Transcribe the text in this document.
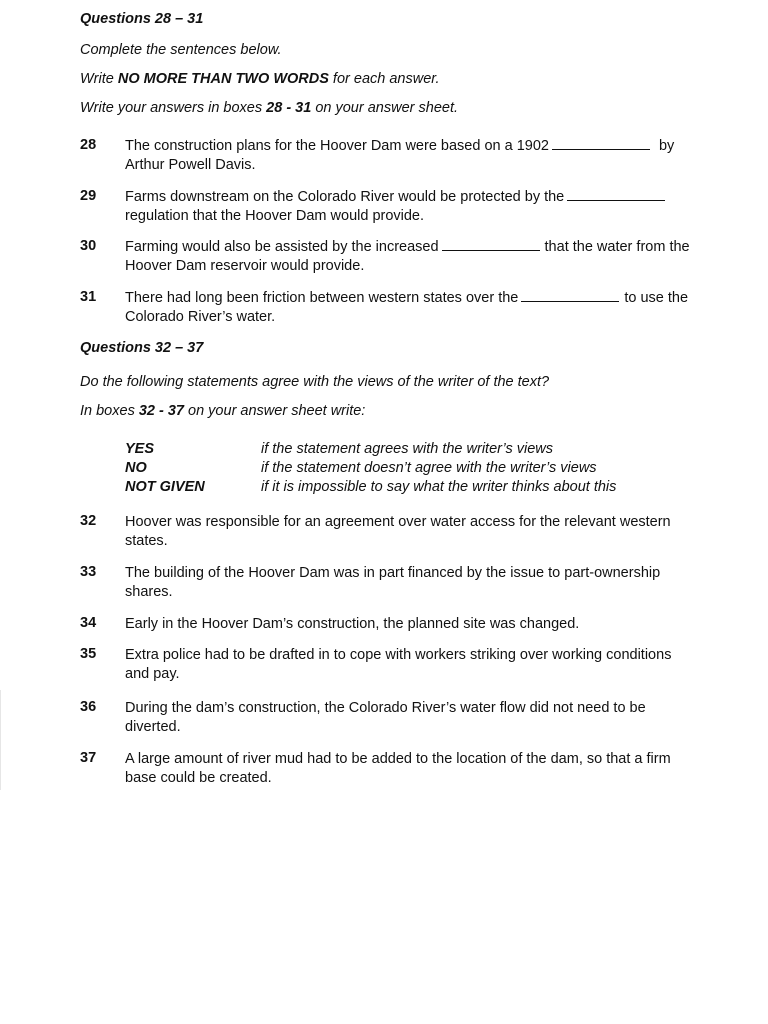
Questions 28 – 31
Complete the sentences below.
Write NO MORE THAN TWO WORDS for each answer.
Write your answers in boxes 28 - 31 on your answer sheet.
28 The construction plans for the Hoover Dam were based on a 1902	by
Arthur Powell Davis.
29 Farms downstream on the Colorado River would be protected by the
regulation that the Hoover Dam would provide.
30 Farming would also be assisted by the increased	that the water from the
Hoover Dam reservoir would provide.
31 There had long been friction between western states over the	to use the
Colorado River’s water.
Questions 32 – 37
Do the following statements agree with the views of the writer of the text?
In boxes 32 - 37 on your answer sheet write:
YES	if the statement agrees with the writer’s views
NO	if the statement doesn’t agree with the writer’s views
NOT GIVEN	if it is impossible to say what the writer thinks about this
32 Hoover was responsible for an agreement over water access for the relevant western
states.
33 The building of the Hoover Dam was in part financed by the issue to part-ownership
shares.
34 Early in the Hoover Dam’s construction, the planned site was changed.
35 Extra police had to be drafted in to cope with workers striking over working conditions
and pay.
36 During the dam’s construction, the Colorado River’s water flow did not need to be
diverted.
37 A large amount of river mud had to be added to the location of the dam, so that a firm
base could be created.
